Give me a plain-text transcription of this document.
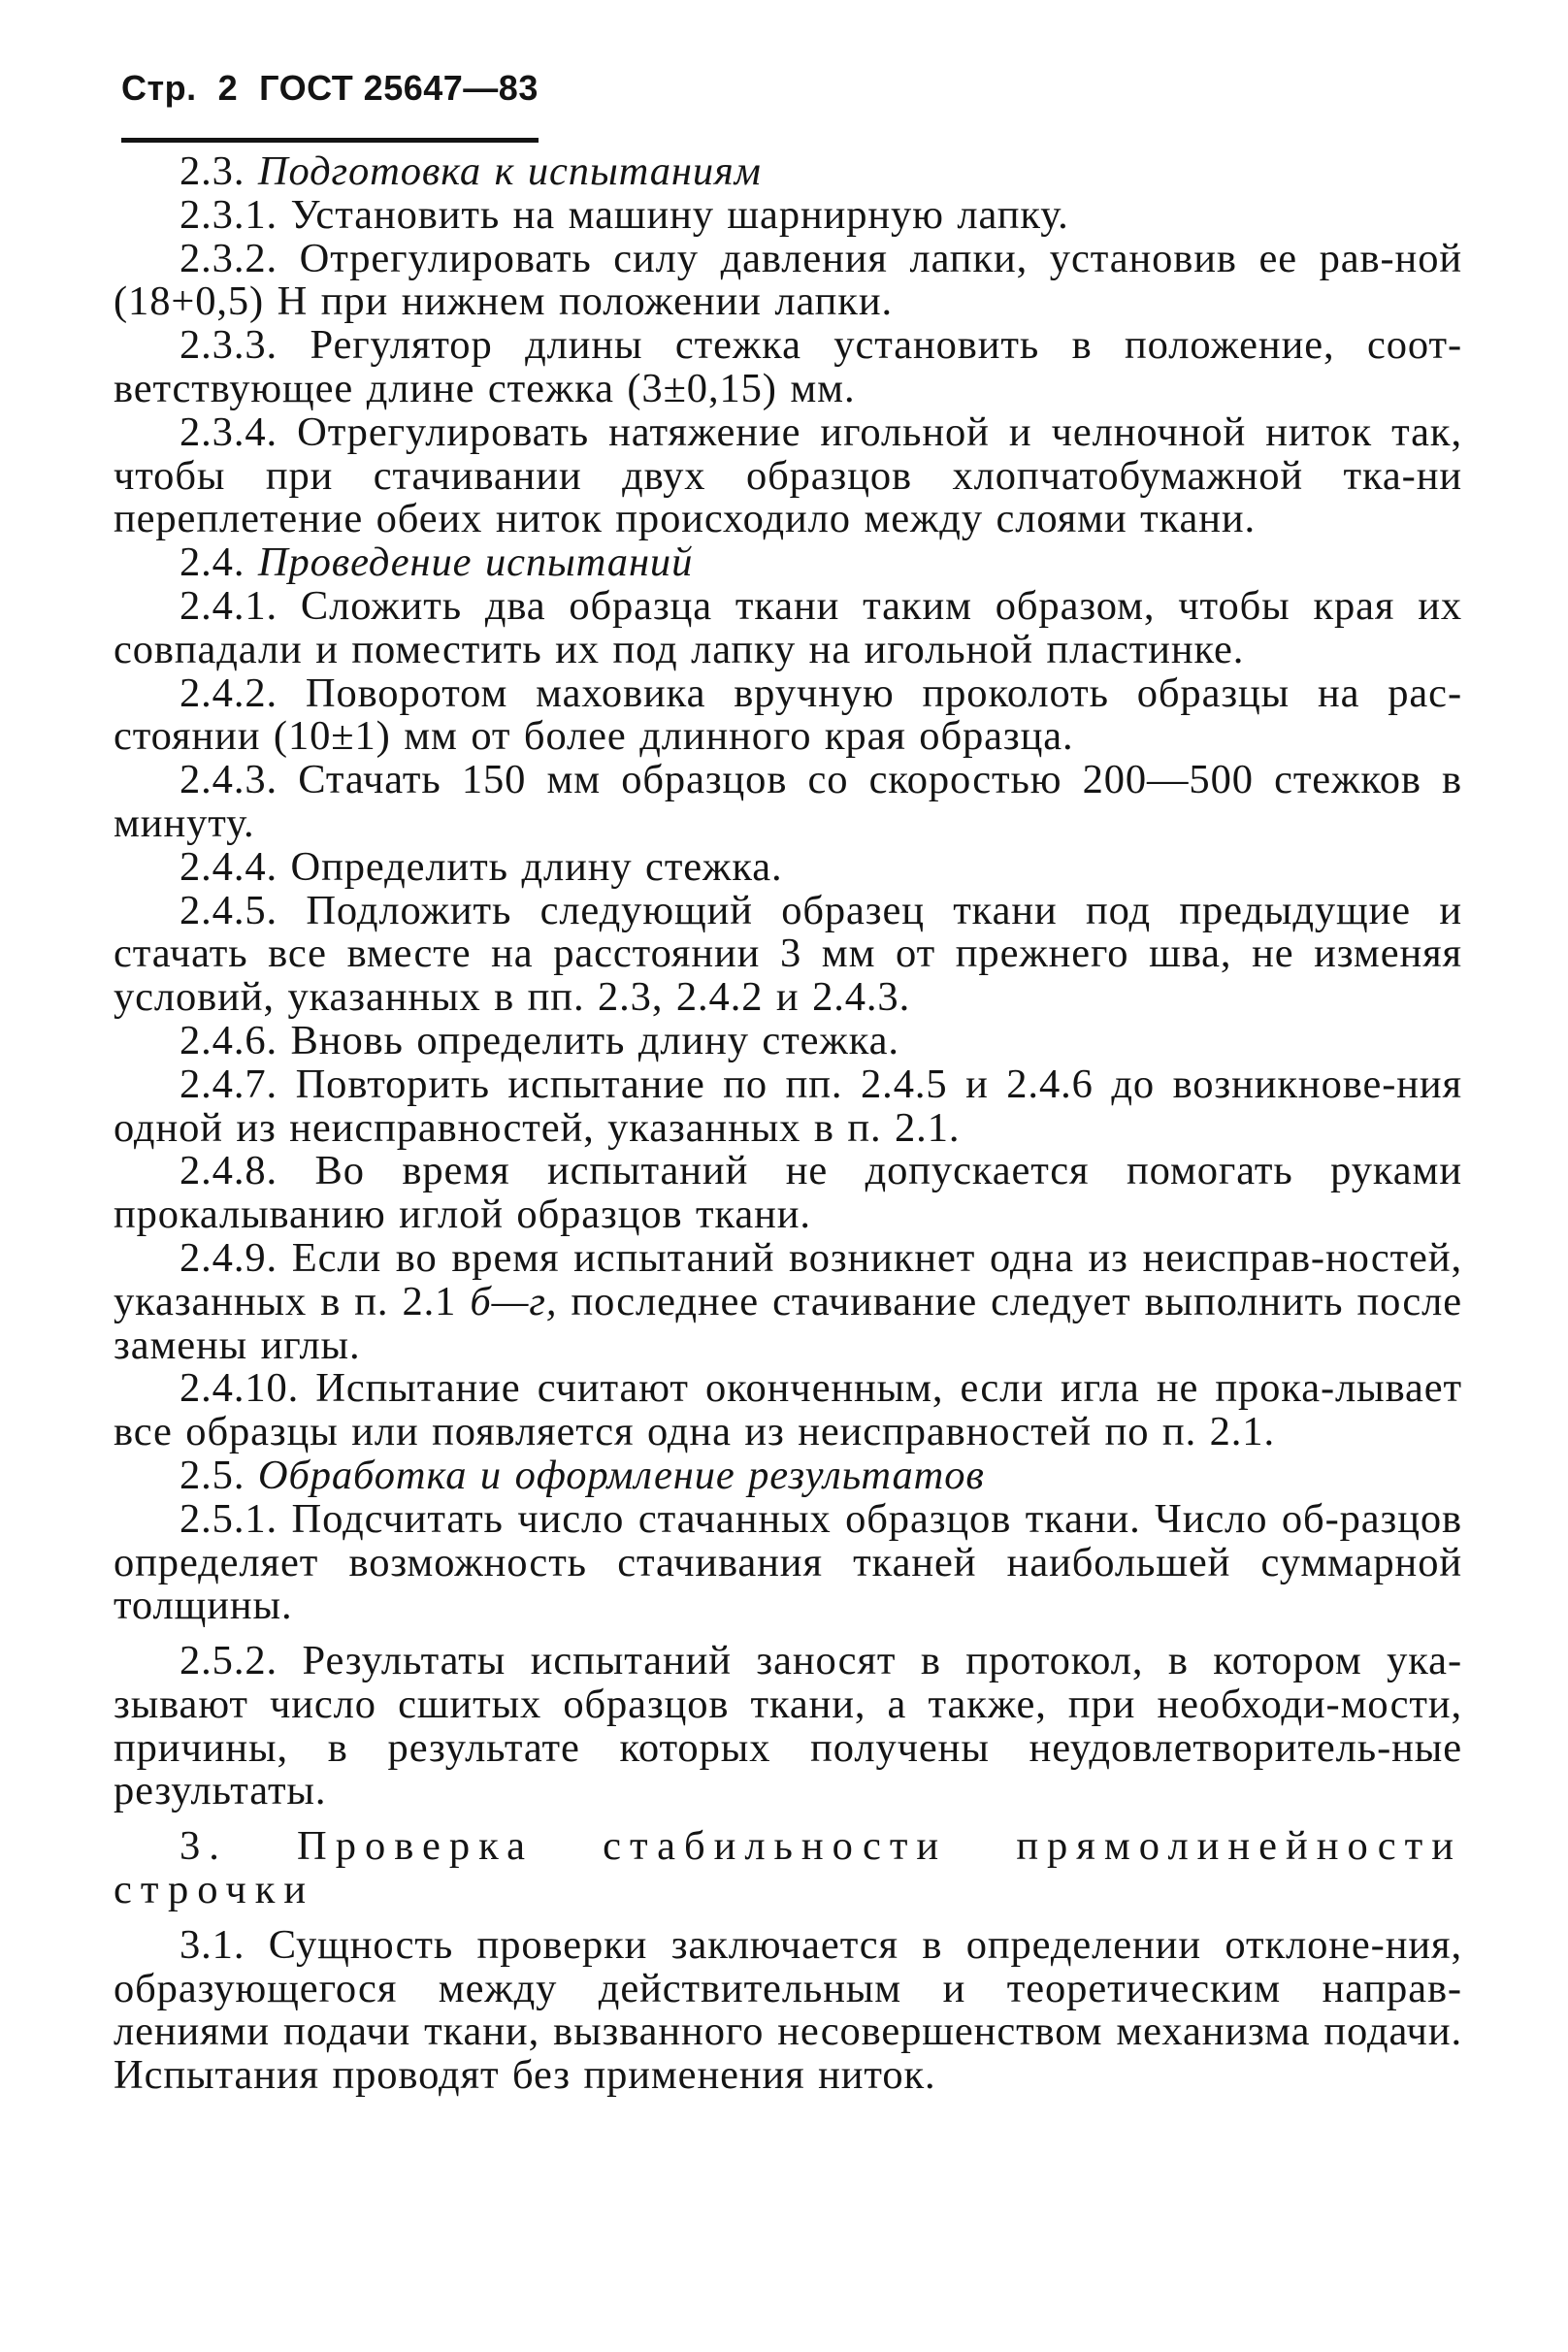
Стр. 2 ГОСТ 25647—83

2.3. Подготовка к испытаниям

2.3.1. Установить на машину шарнирную лапку.

2.3.2. Отрегулировать силу давления лапки, установив ее рав-ной (18+0,5) Н при нижнем положении лапки.

2.3.3. Регулятор длины стежка установить в положение, соот-ветствующее длине стежка (3±0,15) мм.

2.3.4. Отрегулировать натяжение игольной и челночной ниток так, чтобы при стачивании двух образцов хлопчатобумажной тка-ни переплетение обеих ниток происходило между слоями ткани.

2.4. Проведение испытаний

2.4.1. Сложить два образца ткани таким образом, чтобы края их совпадали и поместить их под лапку на игольной пластинке.

2.4.2. Поворотом маховика вручную проколоть образцы на рас-стоянии (10±1) мм от более длинного края образца.

2.4.3. Стачать 150 мм образцов со скоростью 200—500 стежков в минуту.

2.4.4. Определить длину стежка.

2.4.5. Подложить следующий образец ткани под предыдущие и стачать все вместе на расстоянии 3 мм от прежнего шва, не изменяя условий, указанных в пп. 2.3, 2.4.2 и 2.4.3.

2.4.6. Вновь определить длину стежка.

2.4.7. Повторить испытание по пп. 2.4.5 и 2.4.6 до возникнове-ния одной из неисправностей, указанных в п. 2.1.

2.4.8. Во время испытаний не допускается помогать руками прокалыванию иглой образцов ткани.

2.4.9. Если во время испытаний возникнет одна из неисправ-ностей, указанных в п. 2.1 б—г, последнее стачивание следует выполнить после замены иглы.

2.4.10. Испытание считают оконченным, если игла не прока-лывает все образцы или появляется одна из неисправностей по п. 2.1.

2.5. Обработка и оформление результатов

2.5.1. Подсчитать число стачанных образцов ткани. Число об-разцов определяет возможность стачивания тканей наибольшей суммарной толщины.

2.5.2. Результаты испытаний заносят в протокол, в котором ука-зывают число сшитых образцов ткани, а также, при необходи-мости, причины, в результате которых получены неудовлетворитель-ные результаты.

3. Проверка стабильности прямолинейности

строчки

3.1. Сущность проверки заключается в определении отклоне-ния, образующегося между действительным и теоретическим направ-лениями подачи ткани, вызванного несовершенством механизма подачи. Испытания проводят без применения ниток.
